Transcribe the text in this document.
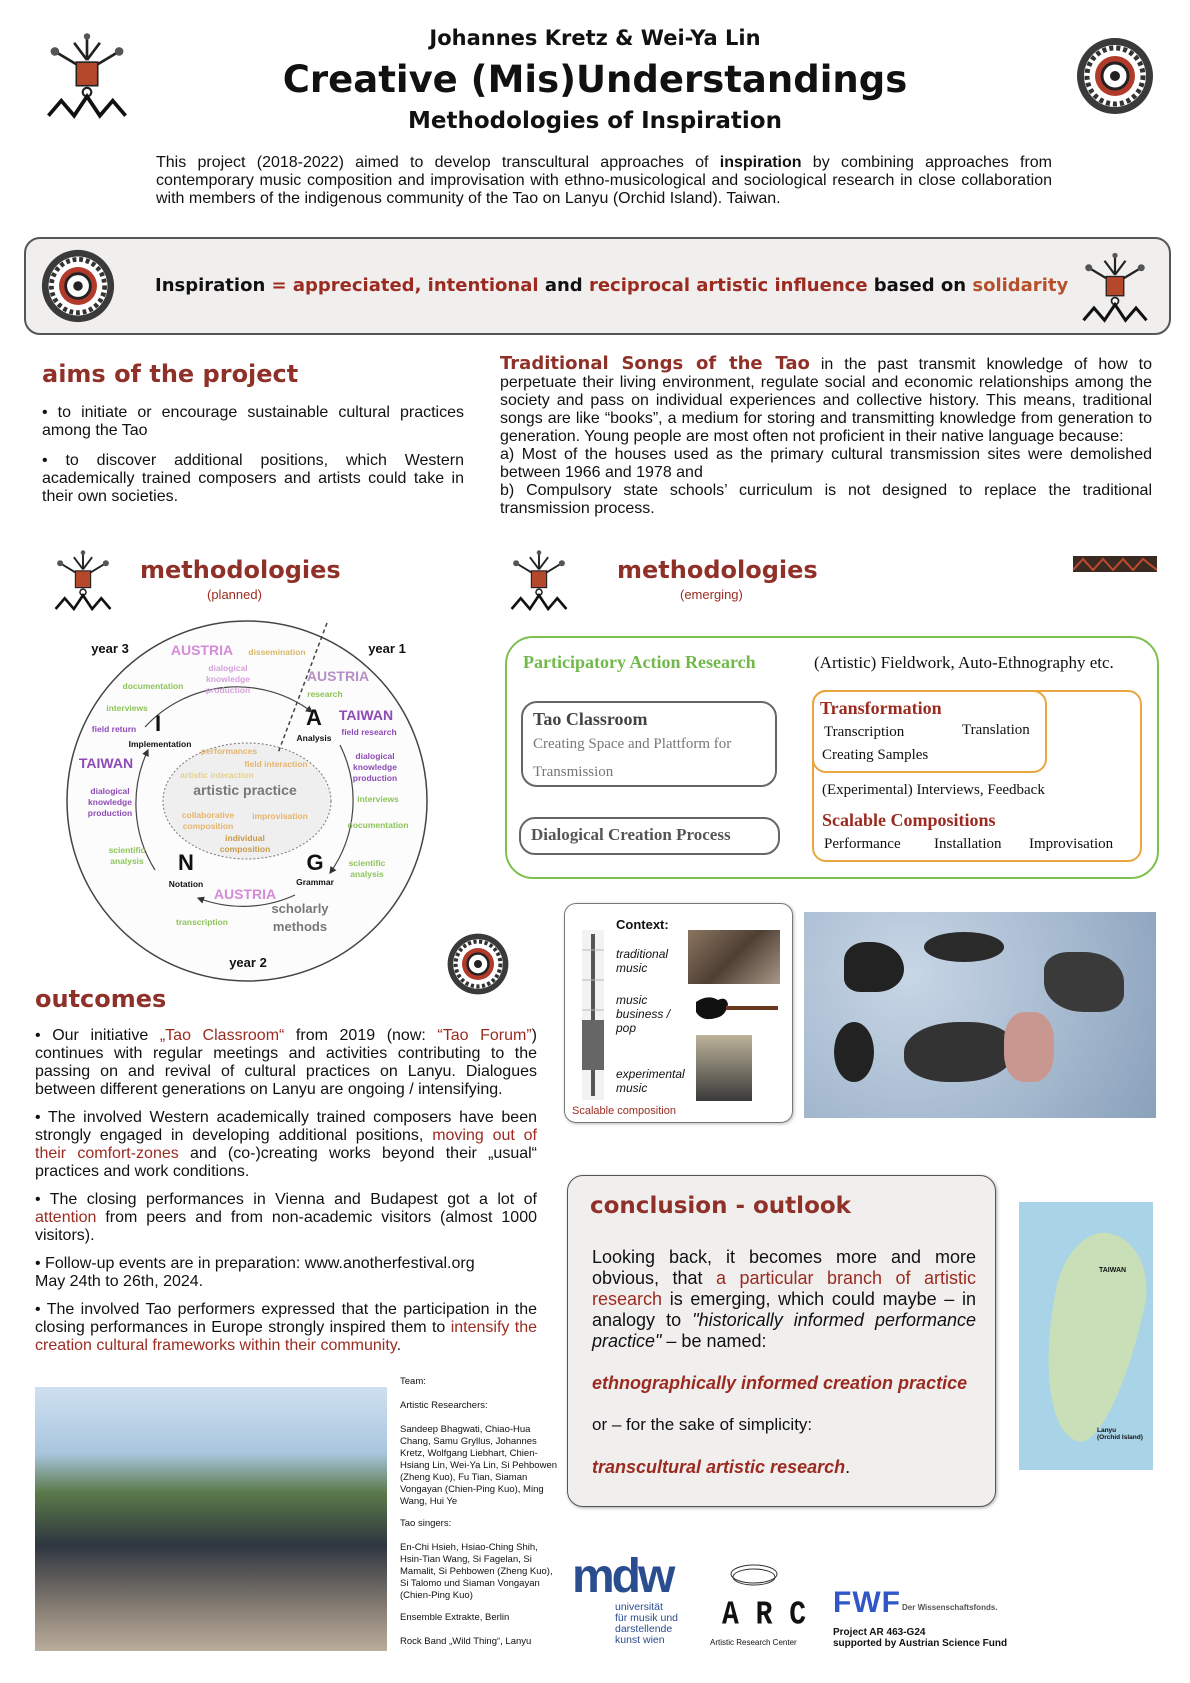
Johannes Kretz & Wei-Ya Lin
Creative (Mis)Understandings
Methodologies of Inspiration
This project (2018-2022) aimed to develop transcultural approaches of inspiration by combining approaches from contemporary music composition and improvisation with ethno-musicological and sociological research in close collaboration with members of the indigenous community of the Tao on Lanyu (Orchid Island). Taiwan.
Inspiration = appreciated, intentional and reciprocal artistic influence based on solidarity
aims of the project

• to initiate or encourage sustainable cultural practices among the Tao

• to discover additional positions, which Western academically trained composers and artists could take in their own societies.

Traditional Songs of the Tao in the past transmit knowledge of how to perpetuate their living environment, regulate social and economic relationships among the society and pass on individual experiences and collective history. This means, traditional songs are like “books”, a medium for storing and transmitting knowledge from generation to generation. Young people are most often not proficient in their native language because:
a) Most of the houses used as the primary cultural transmission sites were demolished between 1966 and 1978 and
b) Compulsory state schools’ curriculum is not designed to replace the traditional transmission process.
methodologies
(planned)
year 3	year 1
year 2
AUSTRIA
AUSTRIA
AUSTRIA
TAIWAN
TAIWAN
dissemination
dialogical
knowledge
production	research
documentation
interviews
interviews
documentation
scientific
analysis	scientific
analysis
transcription
field return	field research
dialogical
knowledge
production
dialogical
knowledge
production
I	A
N	G
Implementation
Analysis
Notation	Grammar
performances
field interaction
artistic interaction
collaborative
composition
improvisation
individual
composition
artistic practice
scholarly
methods
methodologies
(emerging)
Participatory Action Research	(Artistic) Fieldwork, Auto-Ethnography etc.
Tao Classroom
Creating Space and Plattform for
Transmission
Dialogical Creation Process
Transformation
Transcription	Translation
Creating Samples
(Experimental) Interviews, Feedback
Scalable Compositions
Performance Installation Improvisation
Context:
traditional music
music business / pop
experimental music
Scalable composition
outcomes

• Our initiative „Tao Classroom“ from 2019 (now: “Tao Forum”) continues with regular meetings and activities contributing to the passing on and revival of cultural practices on Lanyu. Dialogues between different generations on Lanyu are ongoing / intensifying.

• The involved Western academically trained composers have been strongly engaged in developing additional positions, moving out of their comfort-zones and (co-)creating works beyond their „usual“ practices and work conditions.

• The closing performances in Vienna and Budapest got a lot of attention from peers and from non-academic visitors (almost 1000 visitors).

• Follow-up events are in preparation: www.anotherfestival.org
May 24th to 26th, 2024.

• The involved Tao performers expressed that the participation in the closing performances in Europe strongly inspired them to intensify the creation cultural frameworks within their community.

Team:

Artistic Researchers:

Sandeep Bhagwati, Chiao-Hua Chang, Samu Gryllus, Johannes Kretz, Wolfgang Liebhart, Chien-Hsiang Lin, Wei-Ya Lin, Si Pehbowen (Zheng Kuo), Fu Tian, Siaman Vongayan (Chien-Ping Kuo), Ming Wang, Hui Ye

Tao singers:

En-Chi Hsieh, Hsiao-Ching Shih, Hsin-Tian Wang, Si Fagelan, Si Mamalit, Si Pehbowen (Zheng Kuo), Si Talomo und Siaman Vongayan (Chien-Ping Kuo)

Ensemble Extrakte, Berlin

Rock Band „Wild Thing“, Lanyu

conclusion - outlook
Looking back, it becomes more and more obvious, that a particular branch of artistic research is emerging, which could maybe – in analogy to "historically informed performance practice" – be named:
ethnographically informed creation practice
or – for the sake of simplicity:
transcultural artistic research.
TAIWAN
Lanyu
(Orchid Island)
mdw
universität
für musik und
darstellende
kunst wien
A R C
Artistic Research Center
FWF Der Wissenschaftsfonds.
Project AR 463-G24
supported by Austrian Science Fund
